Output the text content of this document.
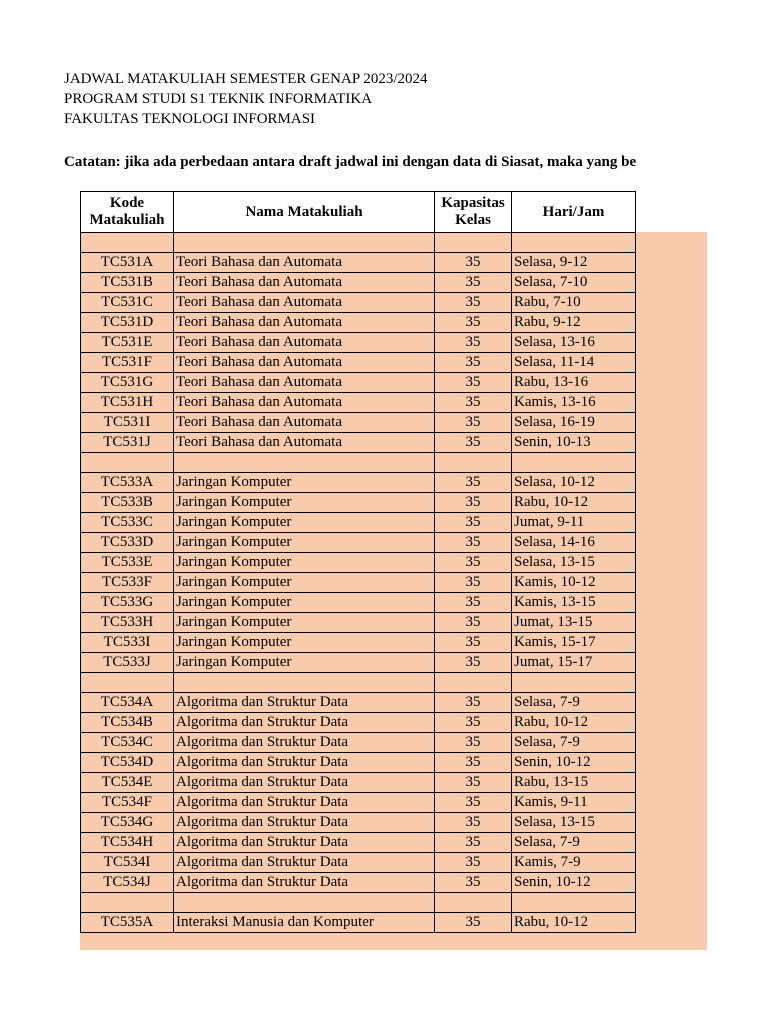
JADWAL MATAKULIAH SEMESTER GENAP 2023/2024
PROGRAM STUDI S1 TEKNIK INFORMATIKA
FAKULTAS TEKNOLOGI INFORMASI
Catatan: jika ada perbedaan antara draft jadwal ini dengan data di Siasat, maka yang be
Kode Matakuliah	Nama Matakuliah	Kapasitas Kelas	Hari/Jam

TC531A	Teori Bahasa dan Automata	35	Selasa, 9-12
TC531B	Teori Bahasa dan Automata	35	Selasa, 7-10
TC531C	Teori Bahasa dan Automata	35	Rabu, 7-10
TC531D	Teori Bahasa dan Automata	35	Rabu, 9-12
TC531E	Teori Bahasa dan Automata	35	Selasa, 13-16
TC531F	Teori Bahasa dan Automata	35	Selasa, 11-14
TC531G	Teori Bahasa dan Automata	35	Rabu, 13-16
TC531H	Teori Bahasa dan Automata	35	Kamis, 13-16
TC531I	Teori Bahasa dan Automata	35	Selasa, 16-19
TC531J	Teori Bahasa dan Automata	35	Senin, 10-13

TC533A	Jaringan Komputer	35	Selasa, 10-12
TC533B	Jaringan Komputer	35	Rabu, 10-12
TC533C	Jaringan Komputer	35	Jumat, 9-11
TC533D	Jaringan Komputer	35	Selasa, 14-16
TC533E	Jaringan Komputer	35	Selasa, 13-15
TC533F	Jaringan Komputer	35	Kamis, 10-12
TC533G	Jaringan Komputer	35	Kamis, 13-15
TC533H	Jaringan Komputer	35	Jumat, 13-15
TC533I	Jaringan Komputer	35	Kamis, 15-17
TC533J	Jaringan Komputer	35	Jumat, 15-17

TC534A	Algoritma dan Struktur Data	35	Selasa, 7-9
TC534B	Algoritma dan Struktur Data	35	Rabu, 10-12
TC534C	Algoritma dan Struktur Data	35	Selasa, 7-9
TC534D	Algoritma dan Struktur Data	35	Senin, 10-12
TC534E	Algoritma dan Struktur Data	35	Rabu, 13-15
TC534F	Algoritma dan Struktur Data	35	Kamis, 9-11
TC534G	Algoritma dan Struktur Data	35	Selasa, 13-15
TC534H	Algoritma dan Struktur Data	35	Selasa, 7-9
TC534I	Algoritma dan Struktur Data	35	Kamis, 7-9
TC534J	Algoritma dan Struktur Data	35	Senin, 10-12

TC535A	Interaksi Manusia dan Komputer	35	Rabu, 10-12
